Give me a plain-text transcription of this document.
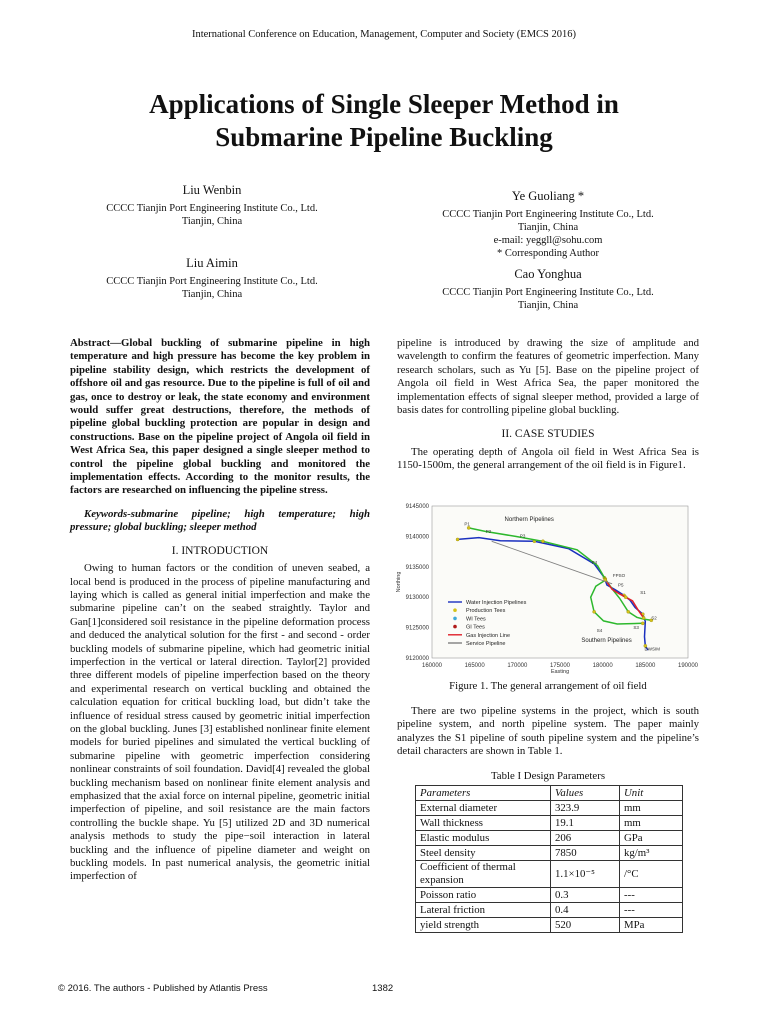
International Conference on Education, Management, Computer and Society (EMCS 2016)
Applications of Single Sleeper Method in
Submarine Pipeline Buckling
Liu Wenbin
CCCC Tianjin Port Engineering Institute Co., Ltd.
Tianjin, China
Liu Aimin
CCCC Tianjin Port Engineering Institute Co., Ltd.
Tianjin, China
Ye Guoliang *
CCCC Tianjin Port Engineering Institute Co., Ltd.
Tianjin, China
e-mail: yeggll@sohu.com
* Corresponding Author
Cao Yonghua
CCCC Tianjin Port Engineering Institute Co., Ltd.
Tianjin, China

Abstract—Global buckling of submarine pipeline in high temperature and high pressure has become the key problem in pipeline stability design, which restricts the development of offshore oil and gas resource. Due to the pipeline is full of oil and gas, once to destroy or leak, the state economy and environment would suffer great destructions, therefore, the methods of pipeline global buckling protection are popular in design and constructions. Base on the pipeline project of Angola oil field in West Africa Sea, this paper designed a single sleeper method to control the pipeline global buckling and monitored the implementation effects. According to the monitor results, the factors are researched on influencing the pipeline stress.

Keywords-submarine pipeline; high temperature; high pressure; global buckling; sleeper method

I. INTRODUCTION

Owing to human factors or the condition of uneven seabed, a local bend is produced in the process of pipeline manufacturing and laying which is called as general initial imperfection and make the submarine pipeline can’t on the seabed straightly. Taylor and Gan[1]considered soil resistance in the pipeline deformation process and deduced the analytical solution for the first - and second - order buckling models of submarine pipeline, which had geometric initial imperfection in the vertical or lateral direction. Taylor[2] provided three different models of pipeline imperfection based on the theory and experimental research on vertical buckling and obtained the calculation equation for critical buckling load, but didn’t take the influence of residual stress caused by geometric initial imperfection on the global buckling. Junes [3] established nonlinear finite element models for buried pipelines and simulated the vertical buckling of submarine pipeline with geometric imperfection considering nonlinear constraints of soil foundation. David[4] revealed the global buckling mechanism based on nonlinear finite element analysis and emphasized that the axial force on internal pipeline, geometric initial imperfection of pipeline, and soil resistance are the main factors controlling the buckle shape. Yu [5] utilized 2D and 3D numerical analysis methods to study the pipe−soil interaction in lateral buckling and the influence of pipeline diameter and weight on buckling models. In past numerical analysis, the geometric initial imperfection of

pipeline is introduced by drawing the size of amplitude and wavelength to confirm the features of geometric imperfection. Many research scholars, such as Yu [5]. Base on the pipeline project of Angola oil field in West Africa Sea, the paper monitored the implementation effects of signal sleeper method, provided a large of basis dates for controlling pipeline global buckling.

II. CASE STUDIES

The operating depth of Angola oil field in West Africa Sea is 1150-1500m, the general arrangement of the oil field is in Figure1.

160000	165000	170000	175000	180000	185000	190000
9120000
9125000
9130000
9135000
9140000
9145000
Easting
Northing
Water Injection Pipelines
Production Tees
WI Tees
GI Tees
Gas Injection Line
Service Pipeline
Northern Pipelines
Southern Pipelines
FPSO
S1
S2
S3
S4
P1
P2
P3
P4
P5
DWSIM
Figure 1. The general arrangement of oil field

There are two pipeline systems in the project, which is south pipeline system, and north pipeline system. The paper mainly analyzes the S1 pipeline of south pipeline system and the pipeline’s detail characters are shown in Table 1.

Table I Design Parameters
Parameters	Values	Unit
External diameter	323.9	mm
Wall thickness	19.1	mm
Elastic modulus	206	GPa
Steel density	7850	kg/m³
Coefficient of thermal expansion	1.1×10⁻⁵	/°C
Poisson ratio	0.3	---
Lateral friction	0.4	---
yield strength	520	MPa
© 2016. The authors - Published by Atlantis Press	1382
